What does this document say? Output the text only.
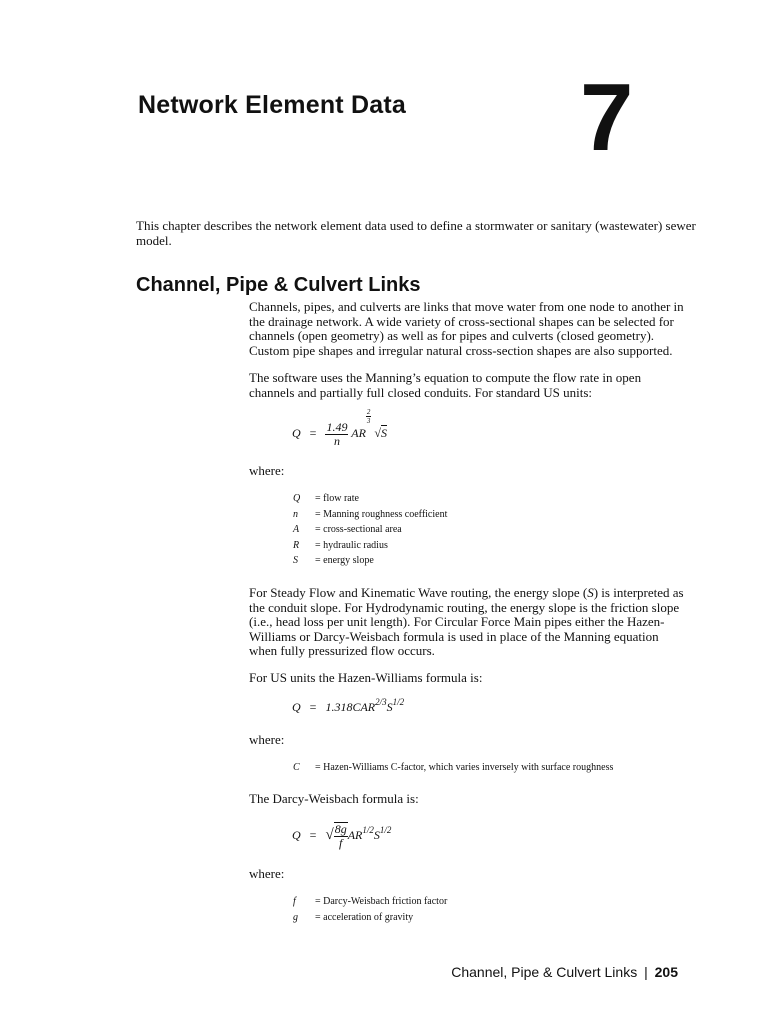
Network Element Data 7
This chapter describes the network element data used to define a stormwater or sanitary (wastewater) sewer model.
Channel, Pipe & Culvert Links
Channels, pipes, and culverts are links that move water from one node to another in the drainage network. A wide variety of cross-sectional shapes can be selected for channels (open geometry) as well as for pipes and culverts (closed geometry). Custom pipe shapes and irregular natural cross-section shapes are also supported.
The software uses the Manning’s equation to compute the flow rate in open channels and partially full closed conduits. For standard US units:
$Q = \frac{1.49}{n}$ AR
$\frac{2}{3}$
√S
where:
Q = flow rate
n = Manning roughness coefficient
A = cross-sectional area
R = hydraulic radius
S = energy slope
For Steady Flow and Kinematic Wave routing, the energy slope (S) is interpreted as the conduit slope. For Hydrodynamic routing, the energy slope is the friction slope (i.e., head loss per unit length). For Circular Force Main pipes either the Hazen-Williams or Darcy-Weisbach formula is used in place of the Manning equation when fully pressurized flow occurs.
For US units the Hazen-Williams formula is:
$Q = 1.318CAR^{2/3}S^{1/2}$
where:
C = Hazen-Williams C-factor, which varies inversely with surface roughness
The Darcy-Weisbach formula is:
Q = √ $\frac{8g}{f} AR^{1/2}S^{1/2}$
where:
f = Darcy-Weisbach friction factor
g = acceleration of gravity
Channel, Pipe & Culvert Links | 205
